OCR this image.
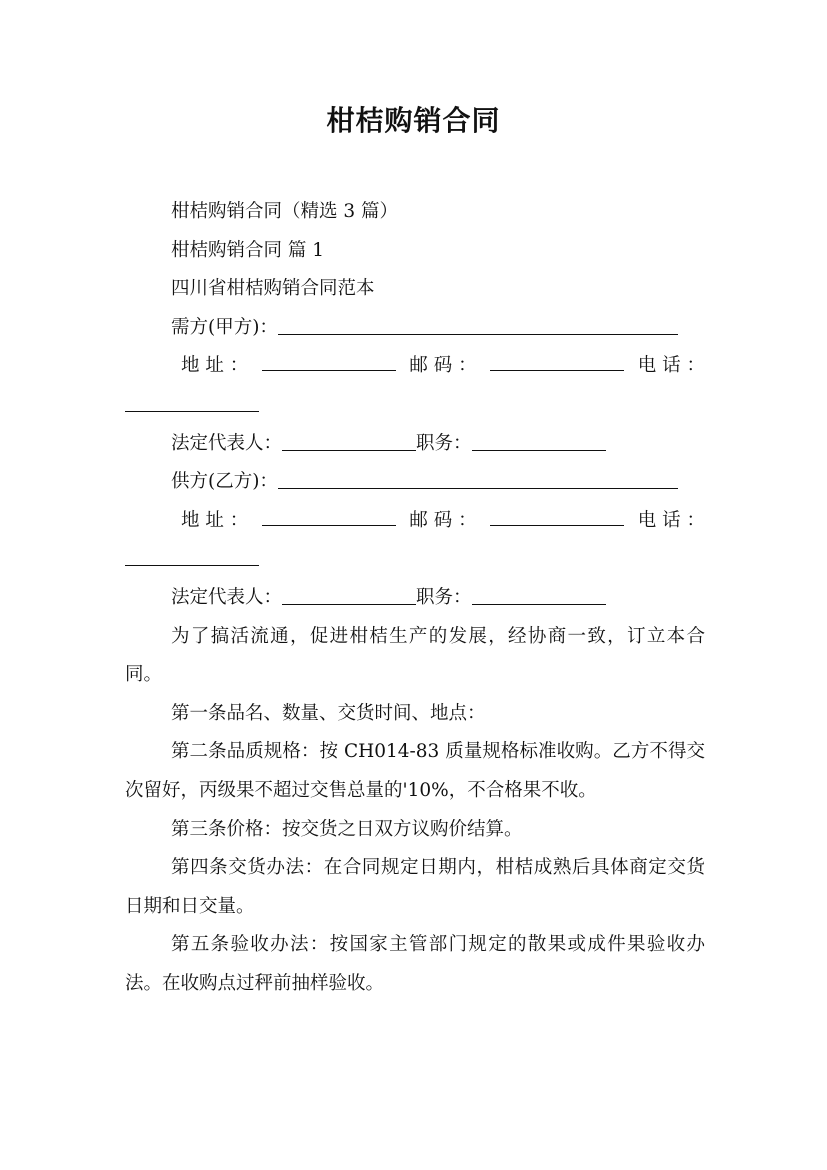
柑桔购销合同

柑桔购销合同（精选 3 篇）

柑桔购销合同 篇 1

四川省柑桔购销合同范本

需方(甲方)：

地 址 ：	邮 码 ：	电 话 ：

法定代表人：	职务：

供方(乙方)：

地 址 ：	邮 码 ：	电 话 ：

法定代表人：	职务：

为了搞活流通，促进柑桔生产的发展，经协商一致，订立本合同。

第一条品名、数量、交货时间、地点：

第二条品质规格：按 CH014-83 质量规格标准收购。乙方不得交次留好，丙级果不超过交售总量的'10%，不合格果不收。

第三条价格：按交货之日双方议购价结算。

第四条交货办法：在合同规定日期内，柑桔成熟后具体商定交货日期和日交量。

第五条验收办法：按国家主管部门规定的散果或成件果验收办法。在收购点过秤前抽样验收。
